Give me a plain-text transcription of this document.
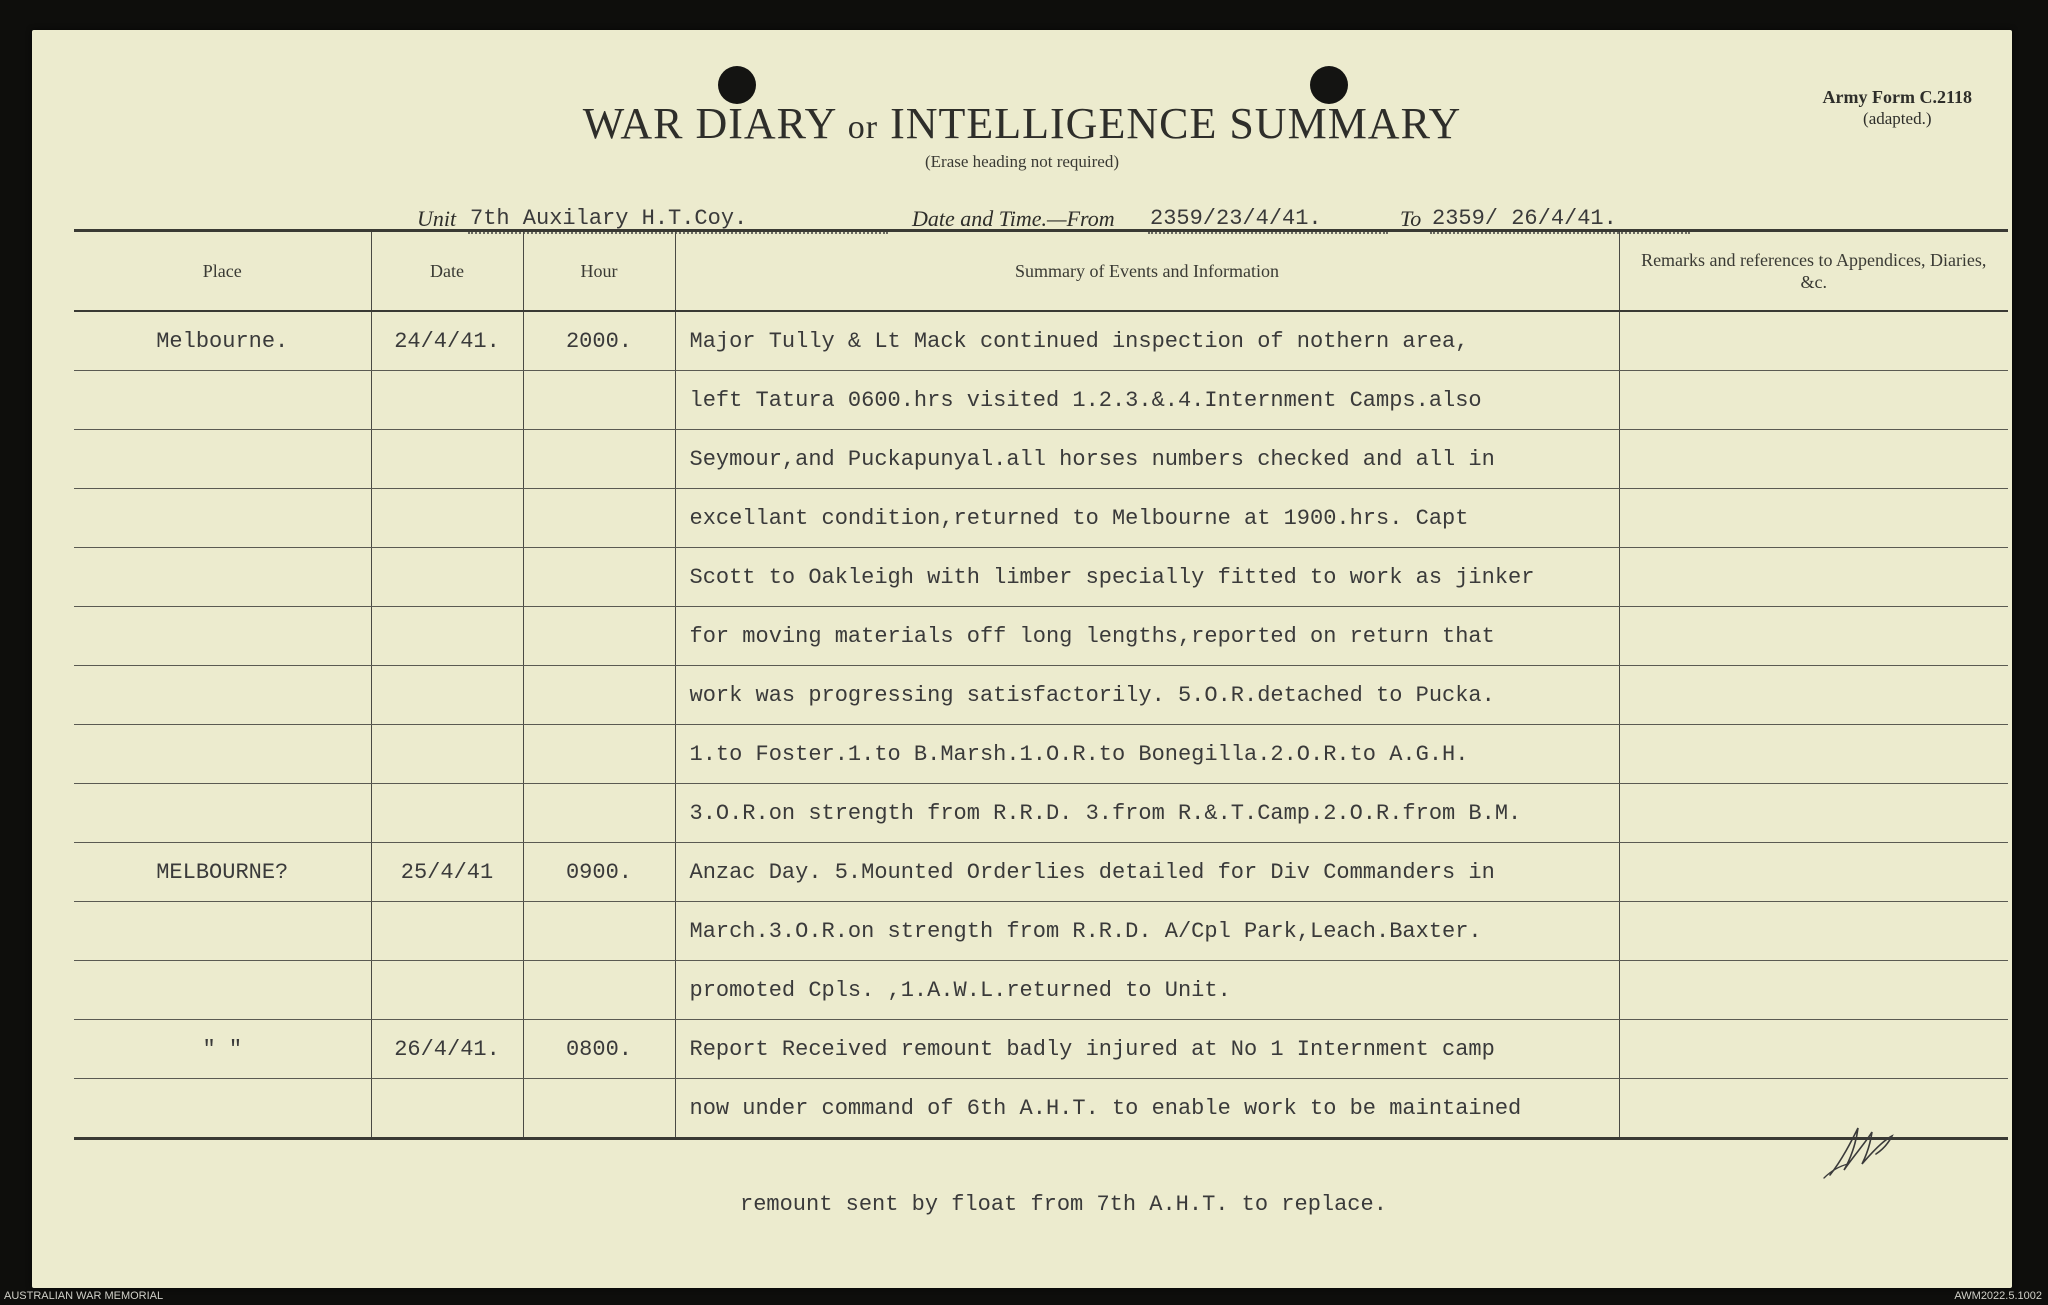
WAR DIARY or INTELLIGENCE SUMMARY
(Erase heading not required)
Army Form C.2118
(adapted.)
Unit 7th Auxilary H.T.Coy.	Date and Time.—From 2359/23/4/41.	To 2359/ 26/4/41.
Place	Date	Hour	Summary of Events and Information	Remarks and references to Appendices, Diaries, &c.
Melbourne.	24/4/41.	2000.	Major Tully & Lt Mack continued inspection of nothern area,	
			left Tatura 0600.hrs visited 1.2.3.&.4.Internment Camps.also	
			Seymour,and Puckapunyal.all horses numbers checked and all in	
			excellant condition,returned to Melbourne at 1900.hrs. Capt	
			Scott to Oakleigh with limber specially fitted to work as jinker	
			for moving materials off long lengths,reported on return that	
			work was progressing satisfactorily. 5.O.R.detached to Pucka.	
			1.to Foster.1.to B.Marsh.1.O.R.to Bonegilla.2.O.R.to A.G.H.	
			3.O.R.on strength from R.R.D. 3.from R.&.T.Camp.2.O.R.from B.M.	
MELBOURNE?	25/4/41	0900.	Anzac Day. 5.Mounted Orderlies detailed for Div Commanders in	
			March.3.O.R.on strength from R.R.D. A/Cpl Park,Leach.Baxter.	
			promoted Cpls. ,1.A.W.L.returned to Unit.	
" "	26/4/41.	0800.	Report Received remount badly injured at No 1 Internment camp	
			now under command of 6th A.H.T. to enable work to be maintained	
remount sent by float from 7th A.H.T. to replace.
AUSTRALIAN WAR MEMORIAL	AWM2022.5.1002
